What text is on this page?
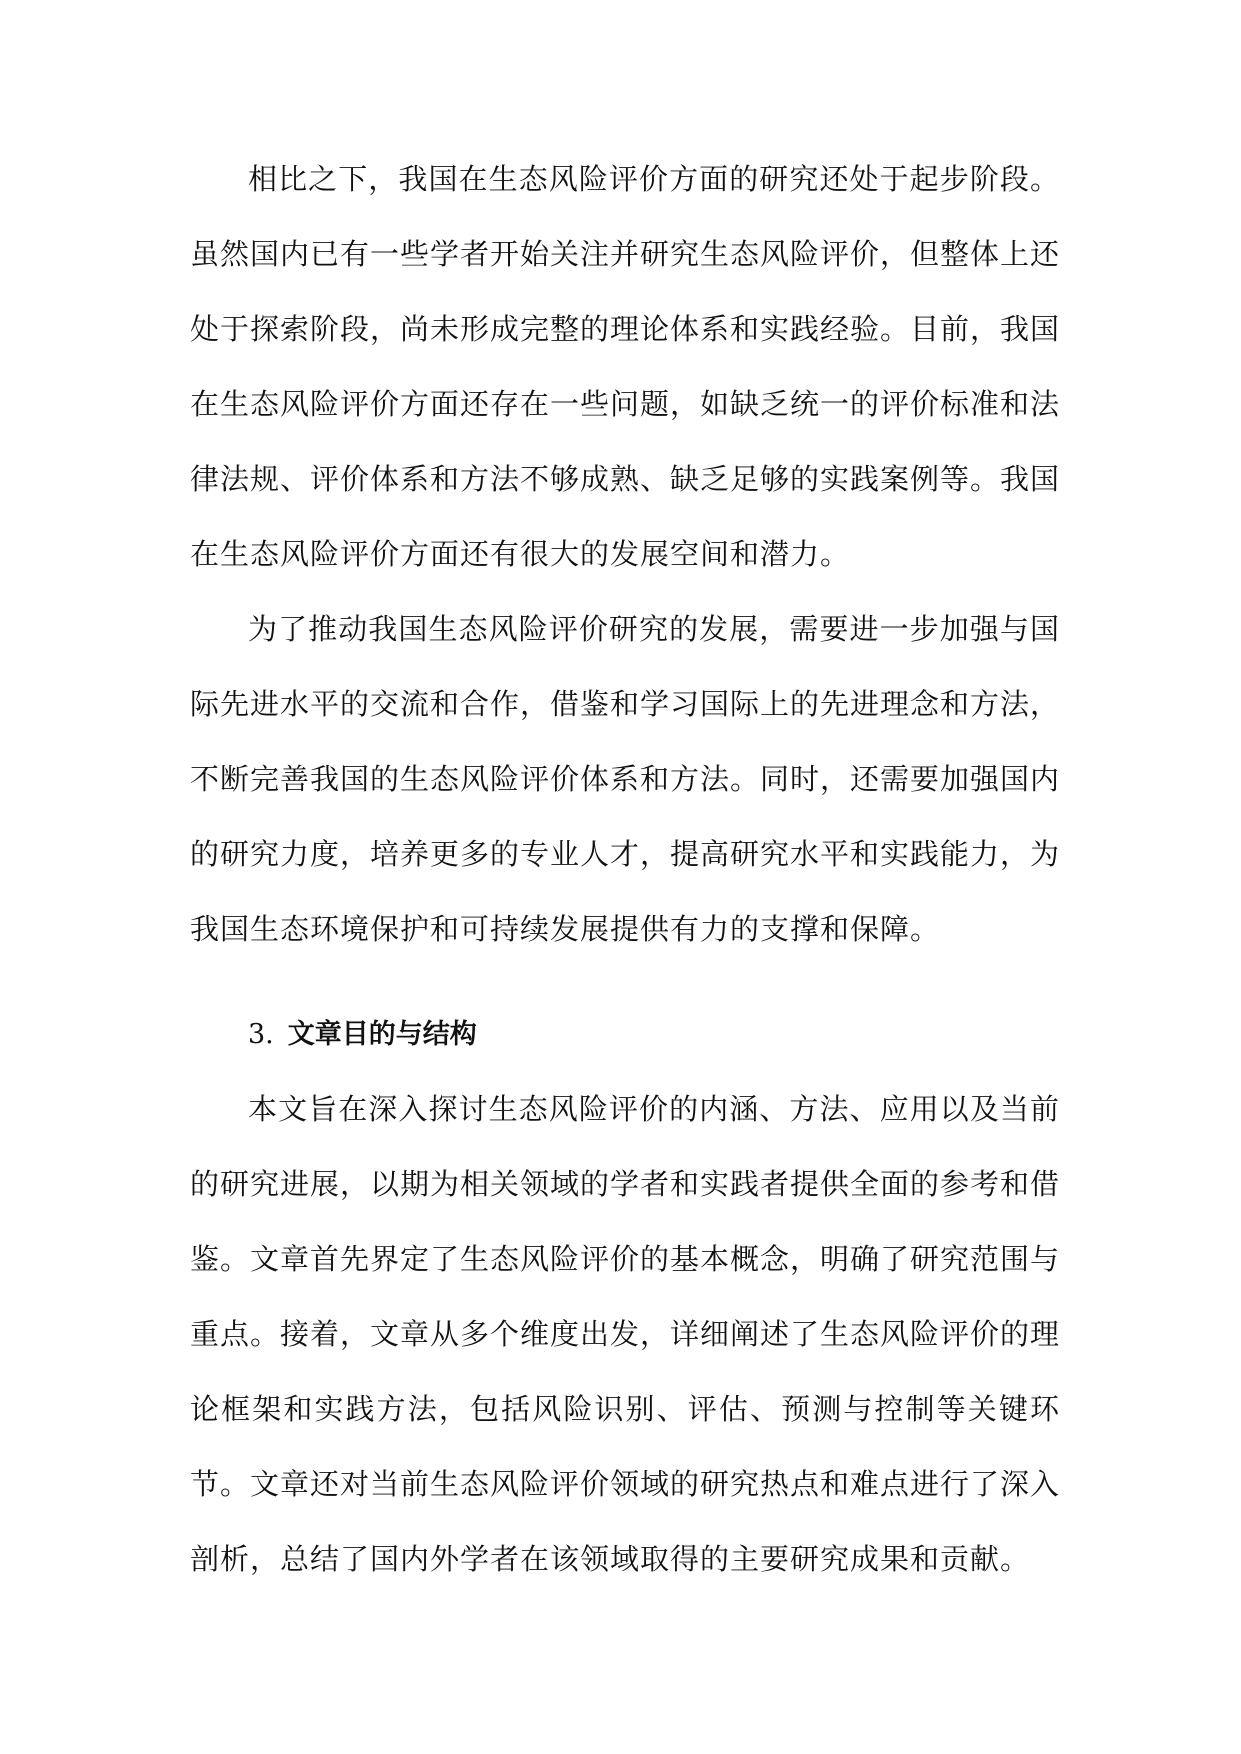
相比之下，我国在生态风险评价方面的研究还处于起步阶段。虽然国内已有一些学者开始关注并研究生态风险评价，但整体上还处于探索阶段，尚未形成完整的理论体系和实践经验。目前，我国在生态风险评价方面还存在一些问题，如缺乏统一的评价标准和法律法规、评价体系和方法不够成熟、缺乏足够的实践案例等。我国在生态风险评价方面还有很大的发展空间和潜力。

为了推动我国生态风险评价研究的发展，需要进一步加强与国际先进水平的交流和合作，借鉴和学习国际上的先进理念和方法，不断完善我国的生态风险评价体系和方法。同时，还需要加强国内的研究力度，培养更多的专业人才，提高研究水平和实践能力，为我国生态环境保护和可持续发展提供有力的支撑和保障。

3. 文章目的与结构

本文旨在深入探讨生态风险评价的内涵、方法、应用以及当前的研究进展，以期为相关领域的学者和实践者提供全面的参考和借鉴。文章首先界定了生态风险评价的基本概念，明确了研究范围与重点。接着，文章从多个维度出发，详细阐述了生态风险评价的理论框架和实践方法，包括风险识别、评估、预测与控制等关键环节。文章还对当前生态风险评价领域的研究热点和难点进行了深入剖析，总结了国内外学者在该领域取得的主要研究成果和贡献。
